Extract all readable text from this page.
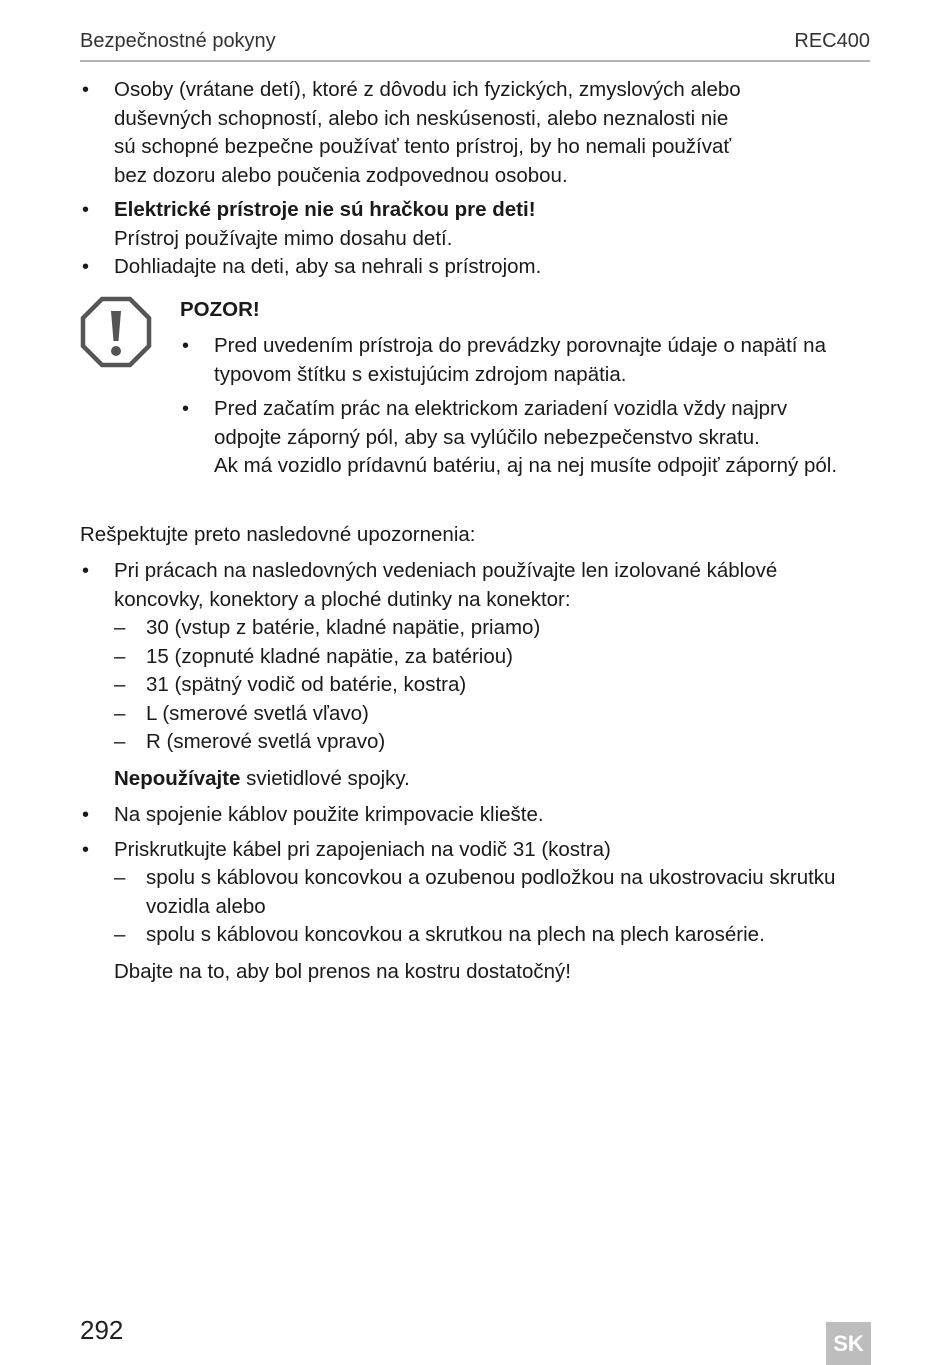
Bezpečnostné pokyny	REC400
• Osoby (vrátane detí), ktoré z dôvodu ich fyzických, zmyslových alebo
duševných schopností, alebo ich neskúsenosti, alebo neznalosti nie
sú schopné bezpečne používať tento prístroj, by ho nemali používať
bez dozoru alebo poučenia zodpovednou osobou.
• Elektrické prístroje nie sú hračkou pre deti!
Prístroj používajte mimo dosahu detí.
• Dohliadajte na deti, aby sa nehrali s prístrojom.
POZOR!
• Pred uvedením prístroja do prevádzky porovnajte údaje o napätí na
typovom štítku s existujúcim zdrojom napätia.
• Pred začatím prác na elektrickom zariadení vozidla vždy najprv
odpojte záporný pól, aby sa vylúčilo nebezpečenstvo skratu.
Ak má vozidlo prídavnú batériu, aj na nej musíte odpojiť záporný pól.
Rešpektujte preto nasledovné upozornenia:
• Pri prácach na nasledovných vedeniach používajte len izolované káblové
koncovky, konektory a ploché dutinky na konektor:
– 30 (vstup z batérie, kladné napätie, priamo)
– 15 (zopnuté kladné napätie, za batériou)
– 31 (spätný vodič od batérie, kostra)
– L (smerové svetlá vľavo)
– R (smerové svetlá vpravo)
Nepoužívajte svietidlové spojky.
• Na spojenie káblov použite krimpovacie kliešte.
• Priskrutkujte kábel pri zapojeniach na vodič 31 (kostra)
– spolu s káblovou koncovkou a ozubenou podložkou na ukostrovaciu skrutku
vozidla alebo
– spolu s káblovou koncovkou a skrutkou na plech na plech karosérie.
Dbajte na to, aby bol prenos na kostru dostatočný!
292	SK
